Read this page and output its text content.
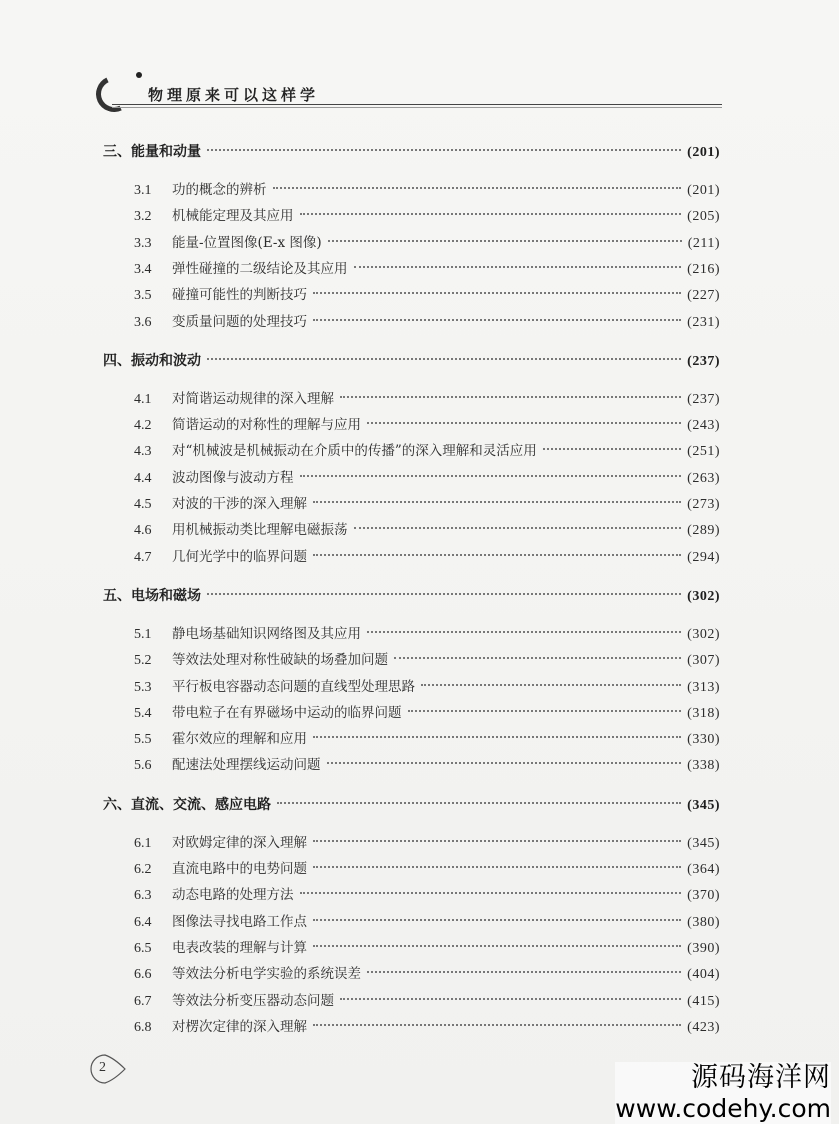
物理原来可以这样学
三、能量和动量	(201)
3.1	功的概念的辨析	(201)
3.2	机械能定理及其应用	(205)
3.3	能量-位置图像(E-x 图像)	(211)
3.4	弹性碰撞的二级结论及其应用	(216)
3.5	碰撞可能性的判断技巧	(227)
3.6	变质量问题的处理技巧	(231)
四、振动和波动	(237)
4.1	对简谐运动规律的深入理解	(237)
4.2	简谐运动的对称性的理解与应用	(243)
4.3	对“机械波是机械振动在介质中的传播”的深入理解和灵活应用	(251)
4.4	波动图像与波动方程	(263)
4.5	对波的干涉的深入理解	(273)
4.6	用机械振动类比理解电磁振荡	(289)
4.7	几何光学中的临界问题	(294)
五、电场和磁场	(302)
5.1	静电场基础知识网络图及其应用	(302)
5.2	等效法处理对称性破缺的场叠加问题	(307)
5.3	平行板电容器动态问题的直线型处理思路	(313)
5.4	带电粒子在有界磁场中运动的临界问题	(318)
5.5	霍尔效应的理解和应用	(330)
5.6	配速法处理摆线运动问题	(338)
六、直流、交流、感应电路	(345)
6.1	对欧姆定律的深入理解	(345)
6.2	直流电路中的电势问题	(364)
6.3	动态电路的处理方法	(370)
6.4	图像法寻找电路工作点	(380)
6.5	电表改装的理解与计算	(390)
6.6	等效法分析电学实验的系统误差	(404)
6.7	等效法分析变压器动态问题	(415)
6.8	对楞次定律的深入理解	(423)
2	源码海洋网
www.codehy.com
